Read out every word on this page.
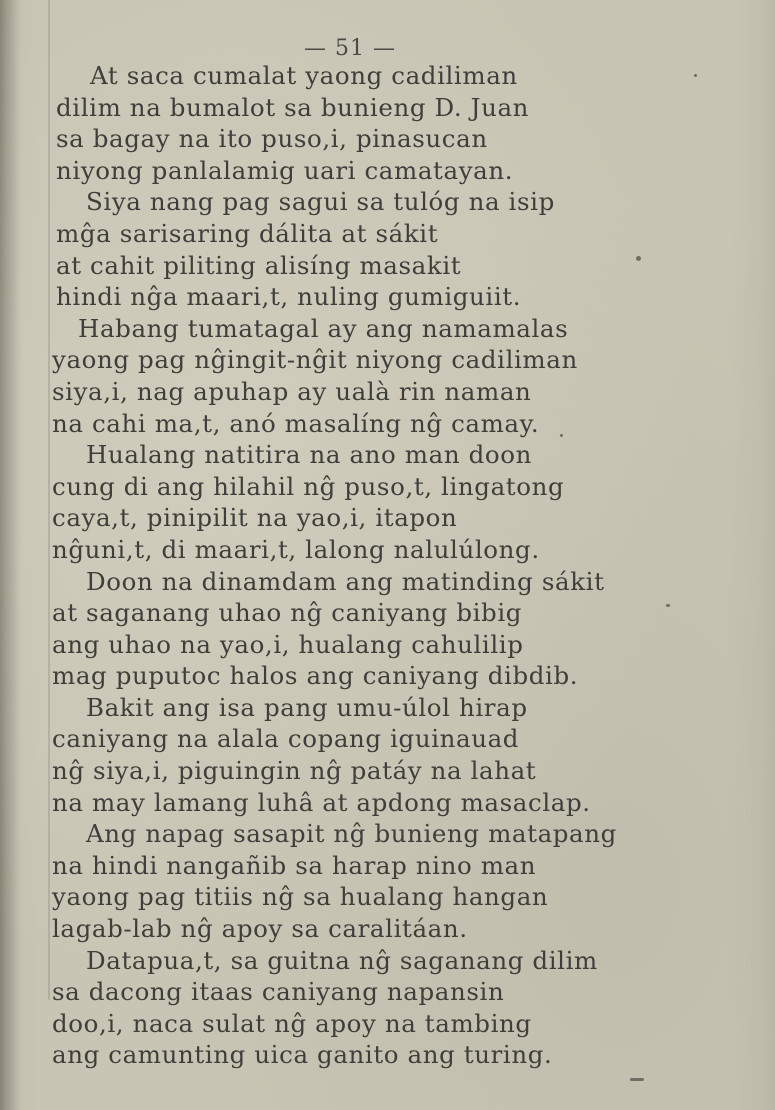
— 51 —
At saca cumalat yaong cadiliman
dilim na bumalot sa bunieng D. Juan
sa bagay na ito puso,i, pinasucan
niyong panlalamig uari camatayan.
Siya nang pag sagui sa tulóg na isip
mĝa sarisaring dálita at sákit
at cahit piliting alisíng masakit
hindi nĝa maari,t, nuling gumiguiit.
Habang tumatagal ay ang namamalas
yaong pag nĝingit-nĝit niyong cadiliman
siya,i, nag apuhap ay ualà rin naman
na cahi ma,t, anó masalíng nĝ camay.
Hualang natitira na ano man doon
cung di ang hilahil nĝ puso,t, lingatong
caya,t, pinipilit na yao,i, itapon
nĝuni,t, di maari,t, lalong nalulúlong.
Doon na dinamdam ang matinding sákit
at saganang uhao nĝ caniyang bibig
ang uhao na yao,i, hualang cahulilip
mag puputoc halos ang caniyang dibdib.
Bakit ang isa pang umu-úlol hirap
caniyang na alala copang iguinauad
nĝ siya,i, piguingin nĝ patáy na lahat
na may lamang luhâ at apdong masaclap.
Ang napag sasapit nĝ bunieng matapang
na hindi nangañib sa harap nino man
yaong pag titiis nĝ sa hualang hangan
lagab-lab nĝ apoy sa caralitáan.
Datapua,t, sa guitna nĝ saganang dilim
sa dacong itaas caniyang napansin
doo,i, naca sulat nĝ apoy na tambing
ang camunting uica ganito ang turing.
